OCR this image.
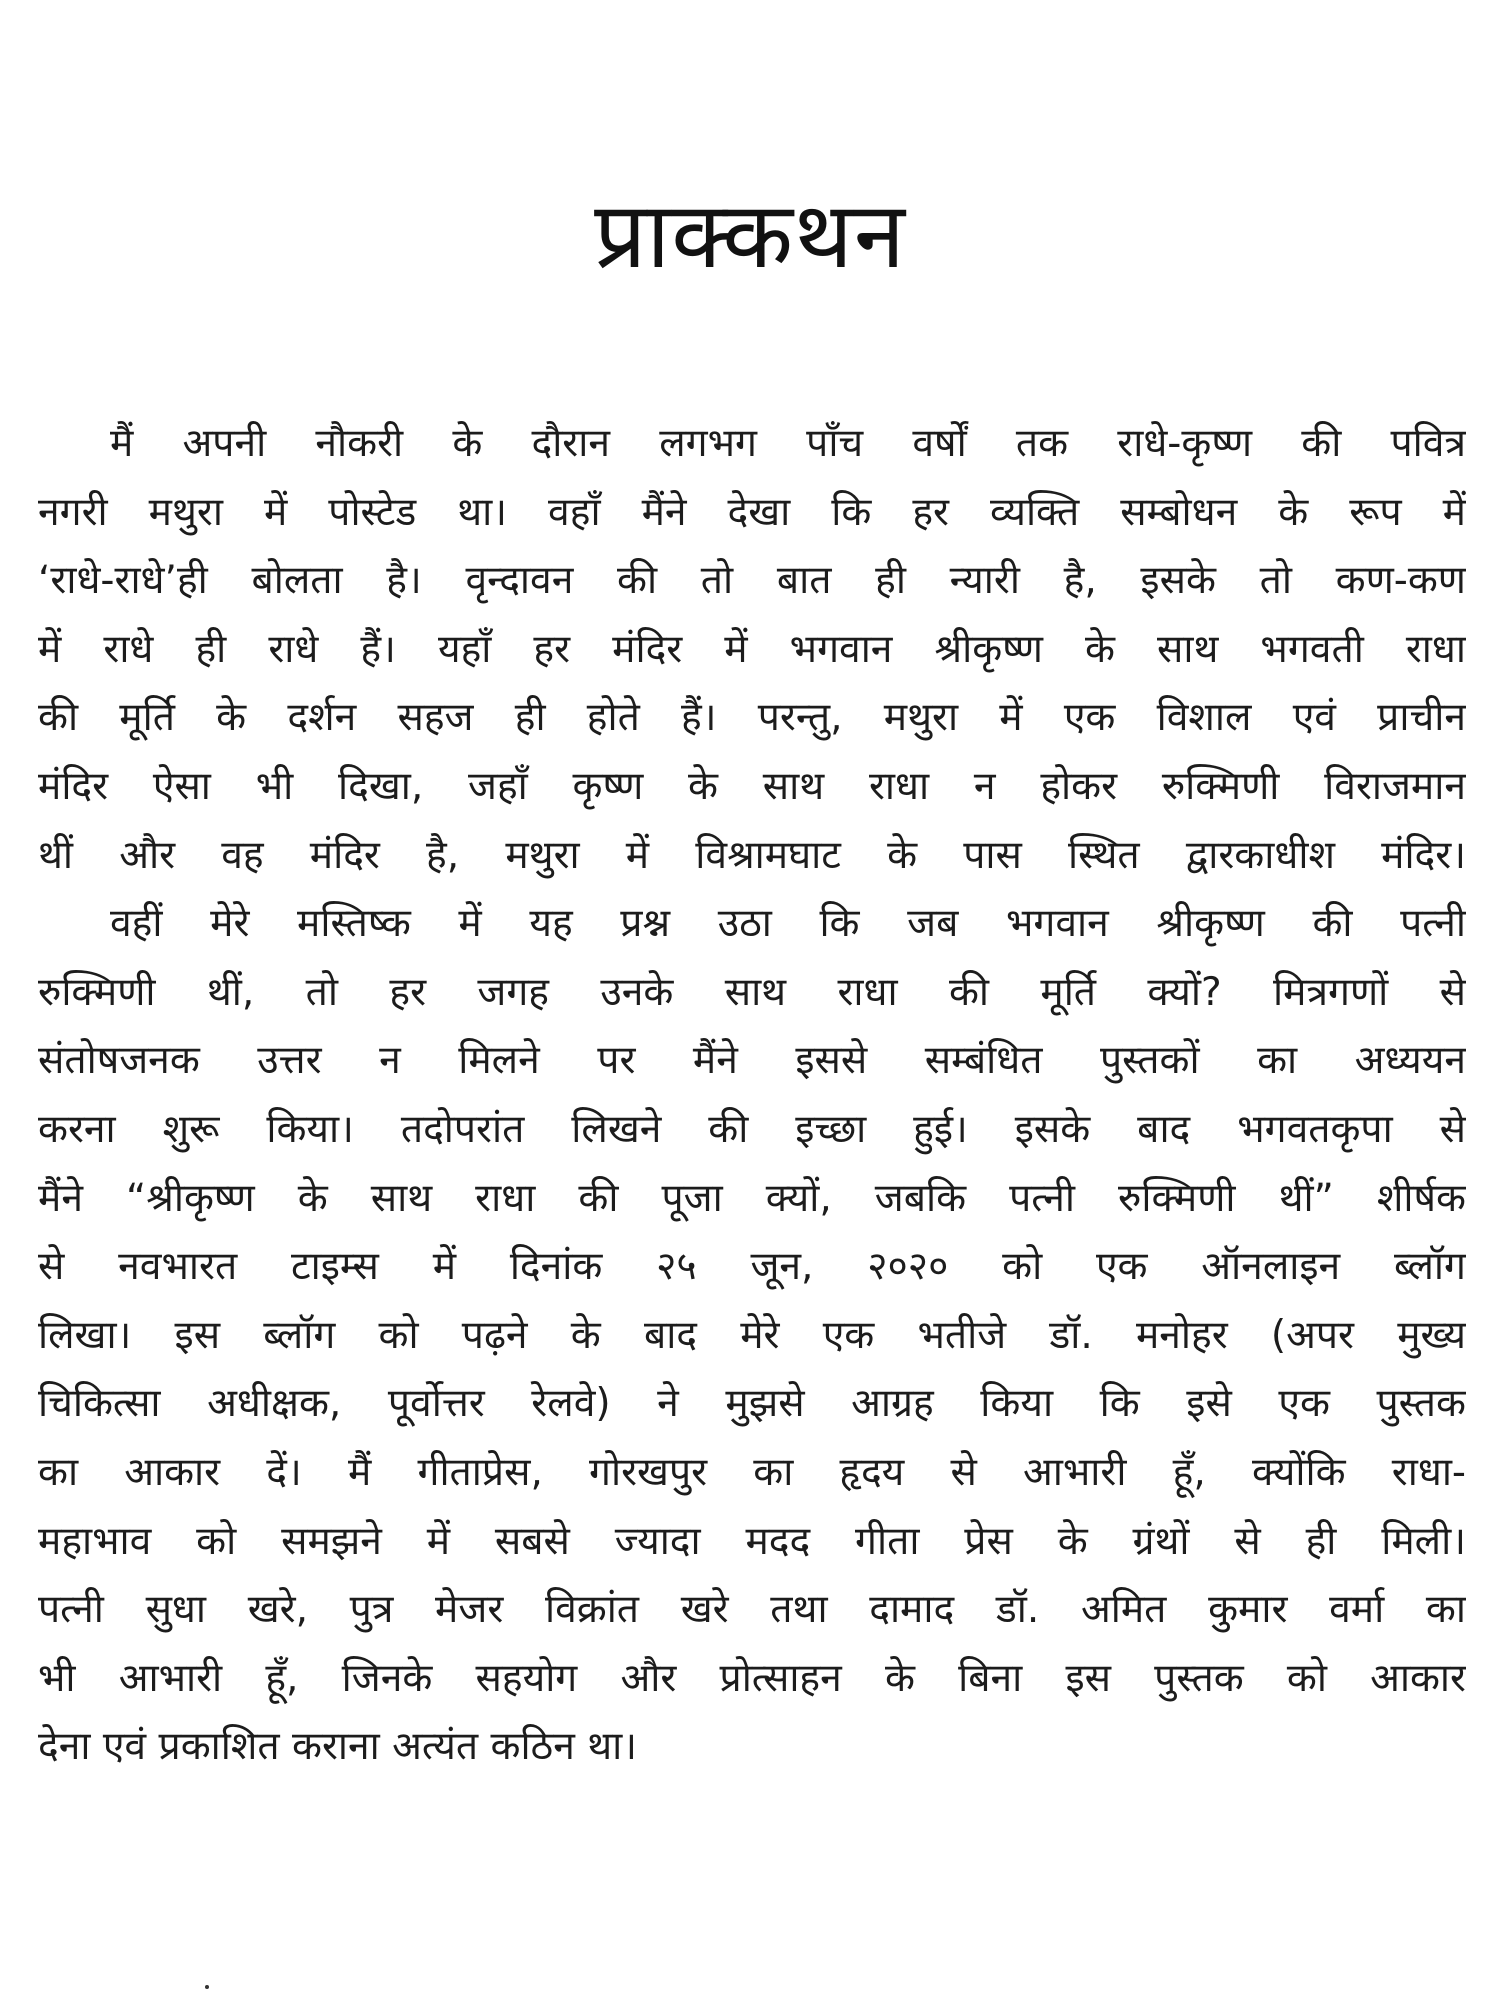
प्राक्कथन
मैं अपनी नौकरी के दौरान लगभग पाँच वर्षों तक राधे-कृष्ण की पवित्र
नगरी मथुरा में पोस्टेड था। वहाँ मैंने देखा कि हर व्यक्ति सम्बोधन के रूप में
‘राधे-राधे’ही बोलता है। वृन्दावन की तो बात ही न्यारी है, इसके तो कण-कण
में राधे ही राधे हैं। यहाँ हर मंदिर में भगवान श्रीकृष्ण के साथ भगवती राधा
की मूर्ति के दर्शन सहज ही होते हैं। परन्तु, मथुरा में एक विशाल एवं प्राचीन
मंदिर ऐसा भी दिखा, जहाँ कृष्ण के साथ राधा न होकर रुक्मिणी विराजमान
थीं और वह मंदिर है, मथुरा में विश्रामघाट के पास स्थित द्वारकाधीश मंदिर।
वहीं मेरे मस्तिष्क में यह प्रश्न उठा कि जब भगवान श्रीकृष्ण की पत्नी
रुक्मिणी थीं, तो हर जगह उनके साथ राधा की मूर्ति क्यों? मित्रगणों से
संतोषजनक उत्तर न मिलने पर मैंने इससे सम्बंधित पुस्तकों का अध्ययन
करना शुरू किया। तदोपरांत लिखने की इच्छा हुई। इसके बाद भगवतकृपा से
मैंने “श्रीकृष्ण के साथ राधा की पूजा क्यों, जबकि पत्नी रुक्मिणी थीं” शीर्षक
से नवभारत टाइम्स में दिनांक २५ जून, २०२० को एक ऑनलाइन ब्लॉग
लिखा। इस ब्लॉग को पढ़ने के बाद मेरे एक भतीजे डॉ. मनोहर (अपर मुख्य
चिकित्सा अधीक्षक, पूर्वोत्तर रेलवे) ने मुझसे आग्रह किया कि इसे एक पुस्तक
का आकार दें। मैं गीताप्रेस, गोरखपुर का हृदय से आभारी हूँ, क्योंकि राधा-
महाभाव को समझने में सबसे ज्यादा मदद गीता प्रेस के ग्रंथों से ही मिली।
पत्नी सुधा खरे, पुत्र मेजर विक्रांत खरे तथा दामाद डॉ. अमित कुमार वर्मा का
भी आभारी हूँ, जिनके सहयोग और प्रोत्साहन के बिना इस पुस्तक को आकार
देना एवं प्रकाशित कराना अत्यंत कठिन था।
